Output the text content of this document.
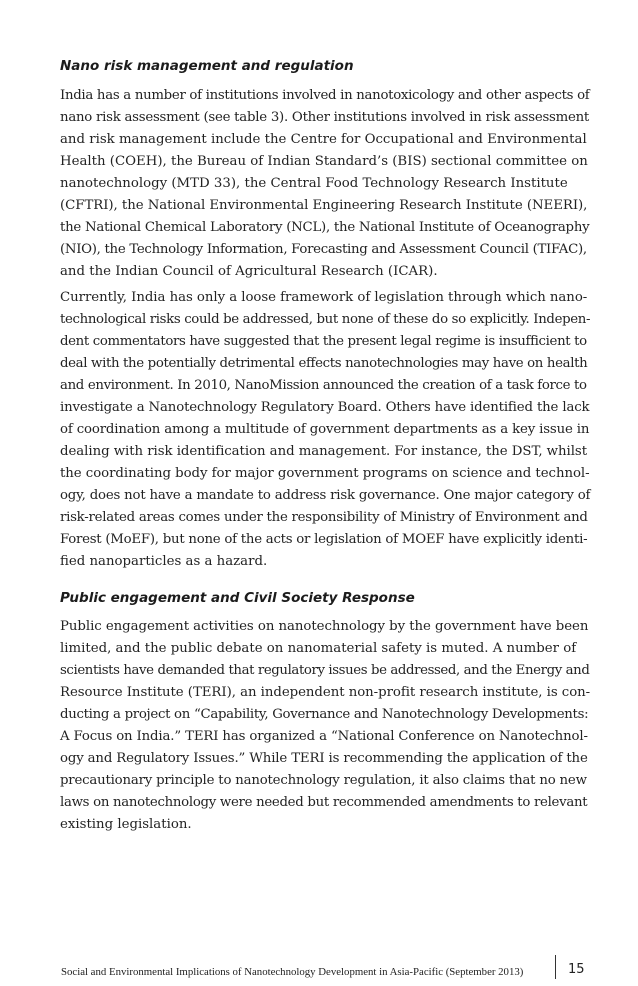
Nano risk management and regulation

India has a number of institutions involved in nanotoxicology and other aspects of
nano risk assessment (see table 3). Other institutions involved in risk assessment
and risk management include the Centre for Occupational and Environmental
Health (COEH), the Bureau of Indian Standard’s (BIS) sectional committee on
nanotechnology (MTD 33), the Central Food Technology Research Institute
(CFTRI), the National Environmental Engineering Research Institute (NEERI),
the National Chemical Laboratory (NCL), the National Institute of Oceanography
(NIO), the Technology Information, Forecasting and Assessment Council (TIFAC),
and the Indian Council of Agricultural Research (ICAR).

Currently, India has only a loose framework of legislation through which nano-
technological risks could be addressed, but none of these do so explicitly. Indepen-
dent commentators have suggested that the present legal regime is insufficient to
deal with the potentially detrimental effects nanotechnologies may have on health
and environment. In 2010, NanoMission announced the creation of a task force to
investigate a Nanotechnology Regulatory Board. Others have identified the lack
of coordination among a multitude of government departments as a key issue in
dealing with risk identification and management. For instance, the DST, whilst
the coordinating body for major government programs on science and technol-
ogy, does not have a mandate to address risk governance. One major category of
risk-related areas comes under the responsibility of Ministry of Environment and
Forest (MoEF), but none of the acts or legislation of MOEF have explicitly identi-
fied nanoparticles as a hazard.

Public engagement and Civil Society Response

Public engagement activities on nanotechnology by the government have been
limited, and the public debate on nanomaterial safety is muted. A number of
scientists have demanded that regulatory issues be addressed, and the Energy and
Resource Institute (TERI), an independent non-profit research institute, is con-
ducting a project on “Capability, Governance and Nanotechnology Developments:
A Focus on India.” TERI has organized a “National Conference on Nanotechnol-
ogy and Regulatory Issues.” While TERI is recommending the application of the
precautionary principle to nanotechnology regulation, it also claims that no new
laws on nanotechnology were needed but recommended amendments to relevant
existing legislation.

Social and Environmental Implications of Nanotechnology Development in Asia-Pacific (September 2013)	15
